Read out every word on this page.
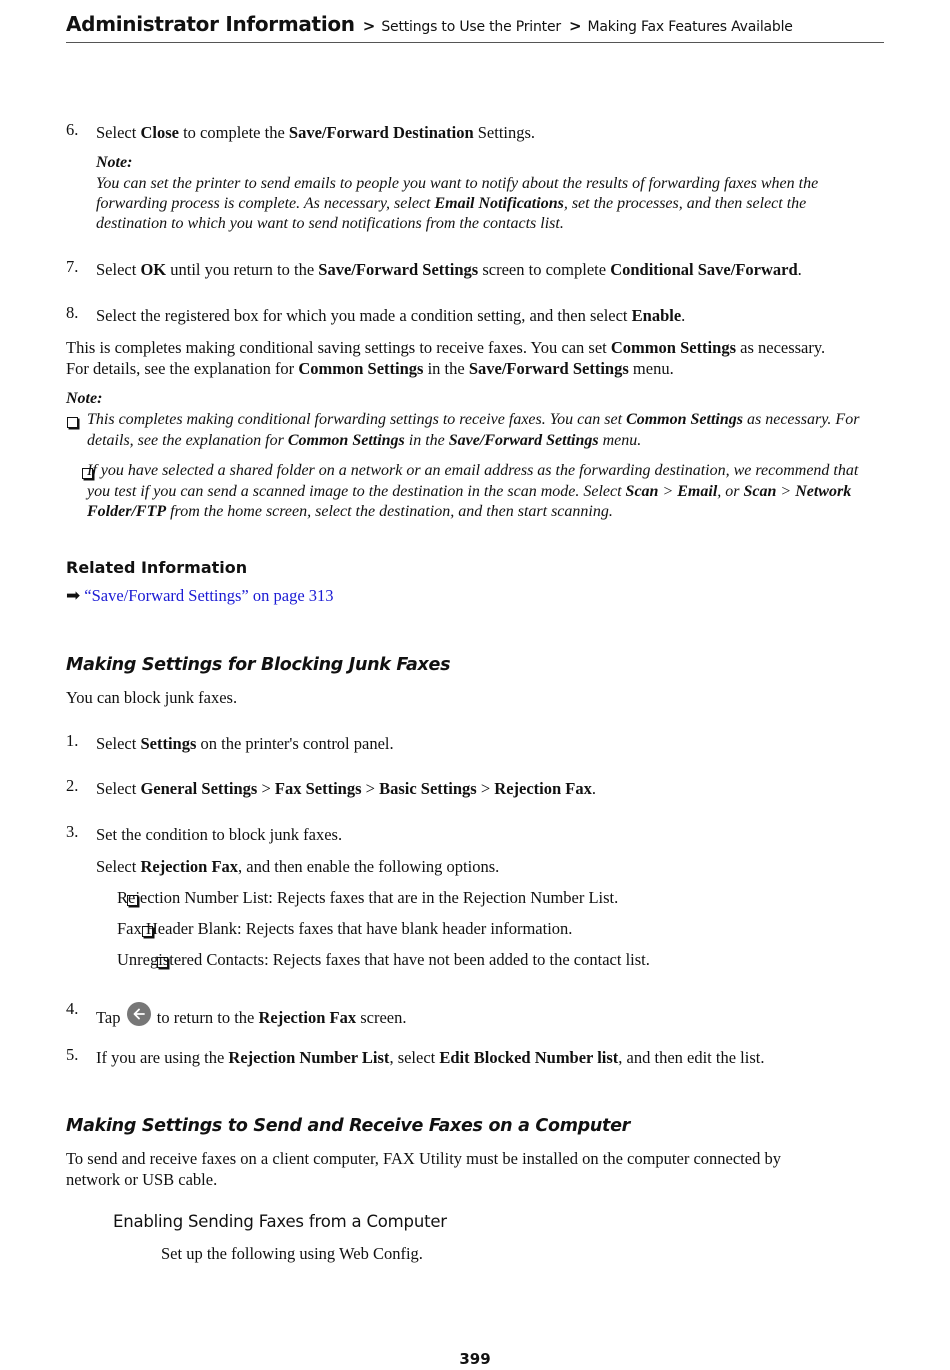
Administrator Information > Settings to Use the Printer > Making Fax Features Available
6. Select Close to complete the Save/Forward Destination Settings.
Note:
You can set the printer to send emails to people you want to notify about the results of forwarding faxes when the
forwarding process is complete. As necessary, select Email Notifications, set the processes, and then select the
destination to which you want to send notifications from the contacts list.
7. Select OK until you return to the Save/Forward Settings screen to complete Conditional Save/Forward.
8. Select the registered box for which you made a condition setting, and then select Enable.
This is completes making conditional saving settings to receive faxes. You can set Common Settings as necessary.
For details, see the explanation for Common Settings in the Save/Forward Settings menu.
Note:

This completes making conditional forwarding settings to receive faxes. You can set Common Settings as necessary. For
details, see the explanation for Common Settings in the Save/Forward Settings menu.

If you have selected a shared folder on a network or an email address as the forwarding destination, we recommend that
you test if you can send a scanned image to the destination in the scan mode. Select Scan > Email, or Scan > Network
Folder/FTP from the home screen, select the destination, and then start scanning.
Related Information
➡ “Save/Forward Settings” on page 313
Making Settings for Blocking Junk Faxes
You can block junk faxes.
1. Select Settings on the printer's control panel.
2. Select General Settings > Fax Settings > Basic Settings > Rejection Fax.
3. Set the condition to block junk faxes.
Select Rejection Fax, and then enable the following options.

Rejection Number List: Rejects faxes that are in the Rejection Number List.

Fax Header Blank: Rejects faxes that have blank header information.
Unregistered Contacts: Rejects faxes that have not been added to the contact list.
4. Tap
to return to the Rejection Fax screen.
5. If you are using the Rejection Number List, select Edit Blocked Number list, and then edit the list.
Making Settings to Send and Receive Faxes on a Computer
To send and receive faxes on a client computer, FAX Utility must be installed on the computer connected by
network or USB cable.
Enabling Sending Faxes from a Computer
Set up the following using Web Config.
399
